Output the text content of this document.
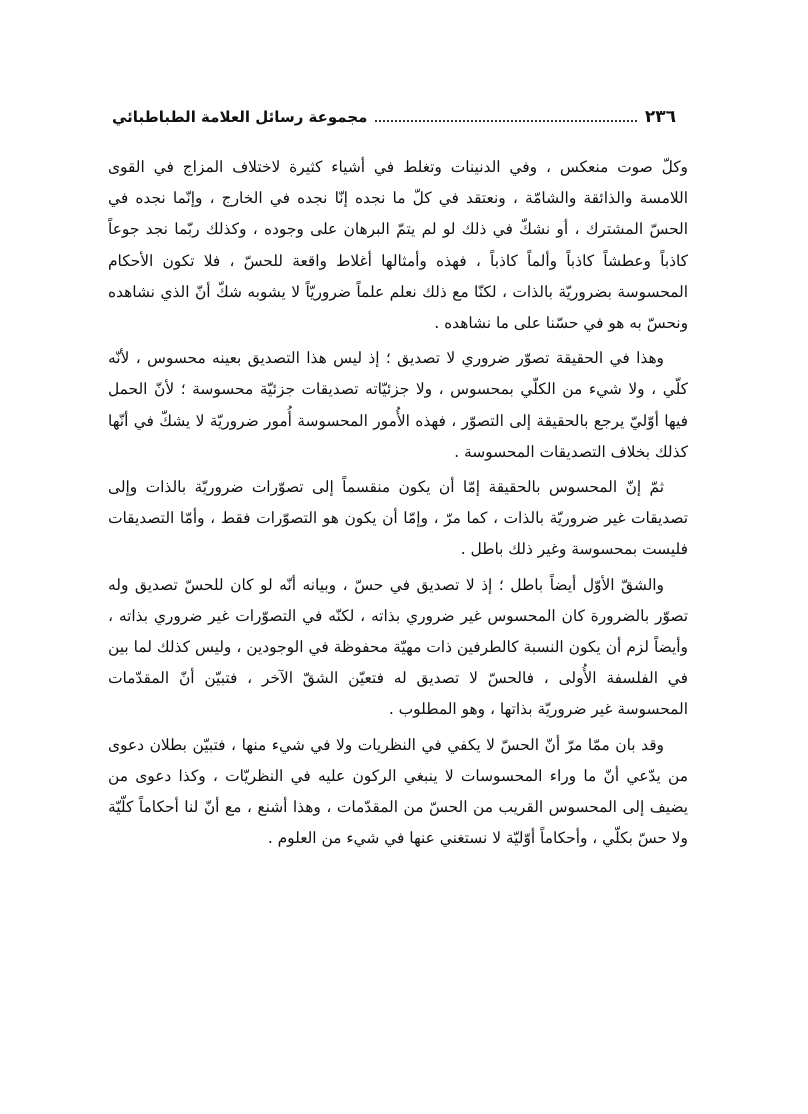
٢٣٦
مجموعة رسائل العلامة الطباطبائي

وكلّ صوت منعكس ، وفي الدنينات وتغلط في أشياء كثيرة لاختلاف المزاج في القوى اللامسة والذائقة والشامّة ، ونعتقد في كلّ ما نجده إنّا نجده في الخارج ، وإنّما نجده في الحسّ المشترك ، أو نشكّ في ذلك لو لم يتمّ البرهان على وجوده ، وكذلك ربّما نجد جوعاً كاذباً وعطشاً كاذباً وألماً كاذباً ، فهذه وأمثالها أغلاط واقعة للحسّ ، فلا تكون الأحكام المحسوسة بضروريّة بالذات ، لكنّا مع ذلك نعلم علماً ضروريّاً لا يشوبه شكّ أنّ الذي نشاهده ونحسّ به هو في حسّنا على ما نشاهده .

وهذا في الحقيقة تصوّر ضروري لا تصديق ؛ إذ ليس هذا التصديق بعينه محسوس ، لأنّه كلّي ، ولا شيء من الكلّي بمحسوس ، ولا جزئيّاته تصديقات جزئيّة محسوسة ؛ لأنّ الحمل فيها أوّليّ يرجع بالحقيقة إلى التصوّر ، فهذه الأُمور المحسوسة أُمور ضروريّة لا يشكّ في أنّها كذلك بخلاف التصديقات المحسوسة .

ثمّ إنّ المحسوس بالحقيقة إمّا أن يكون منقسماً إلى تصوّرات ضروريّة بالذات وإلى تصديقات غير ضروريّة بالذات ، كما مرّ ، وإمّا أن يكون هو التصوّرات فقط ، وأمّا التصديقات فليست بمحسوسة وغير ذلك باطل .

والشقّ الأوّل أيضاً باطل ؛ إذ لا تصديق في حسّ ، وبيانه أنّه لو كان للحسّ تصديق وله تصوّر بالضرورة كان المحسوس غير ضروري بذاته ، لكنّه في التصوّرات غير ضروري بذاته ، وأيضاً لزم أن يكون النسبة كالطرفين ذات مهيّة محفوظة في الوجودين ، وليس كذلك لما بين في الفلسفة الأُولى ، فالحسّ لا تصديق له فتعيّن الشقّ الآخر ، فتبيّن أنّ المقدّمات المحسوسة غير ضروريّة بذاتها ، وهو المطلوب .

وقد بان ممّا مرّ أنّ الحسّ لا يكفي في النظريات ولا في شيء منها ، فتبيّن بطلان دعوى من يدّعي أنّ ما وراء المحسوسات لا ينبغي الركون عليه في النظريّات ، وكذا دعوى من يضيف إلى المحسوس القريب من الحسّ من المقدّمات ، وهذا أشنع ، مع أنّ لنا أحكاماً كلّيّة ولا حسّ بكلّي ، وأحكاماً أوّليّة لا نستغني عنها في شيء من العلوم .
